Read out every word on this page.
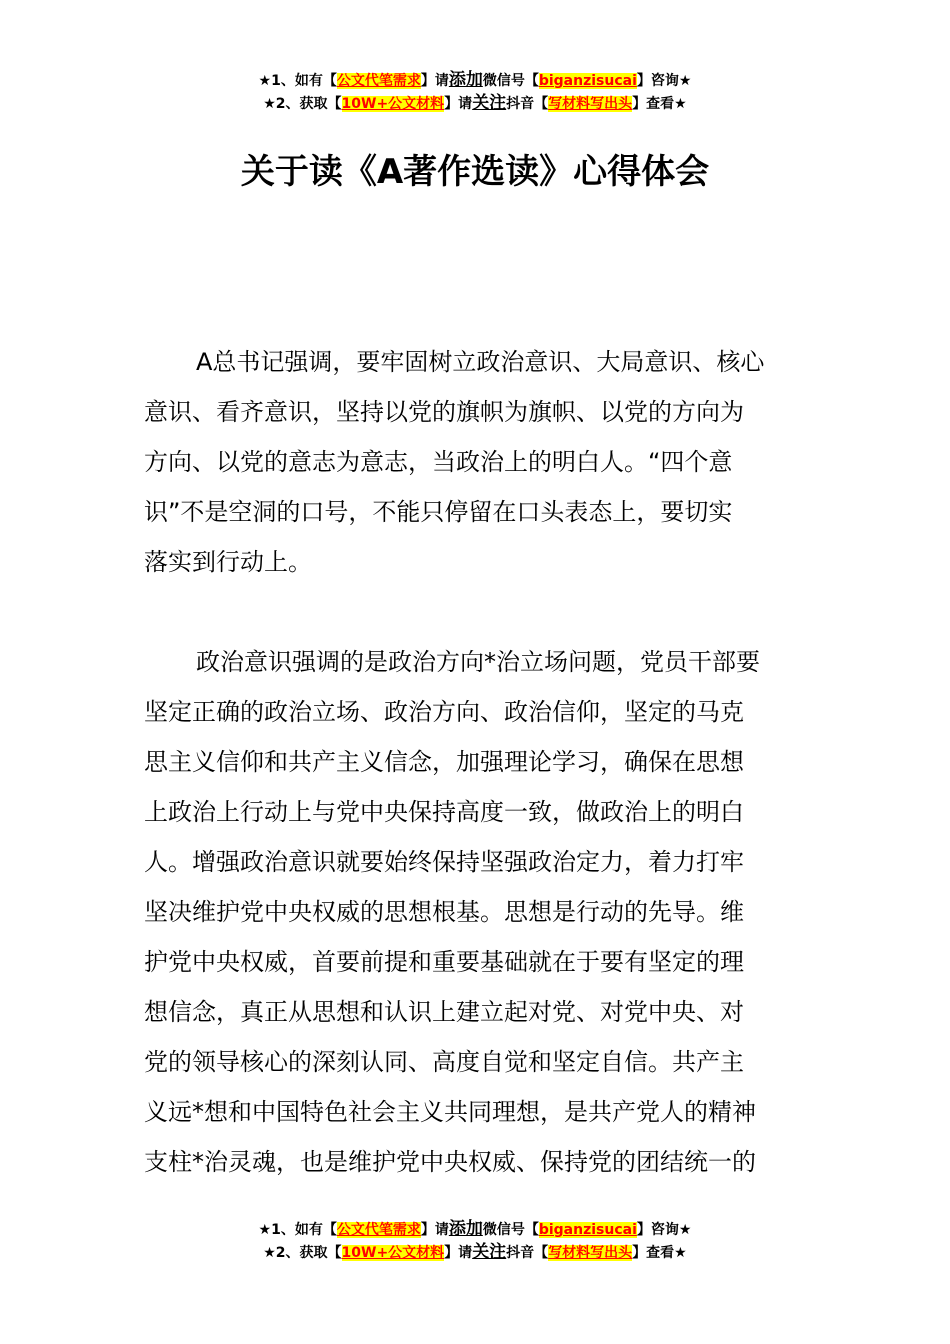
★1、如有【公文代笔需求】请添加微信号【biganzisucai】咨询★
★2、获取【10W+公文材料】请关注抖音【写材料写出头】查看★
关于读《A著作选读》心得体会
A总书记强调，要牢固树立政治意识、大局意识、核心
意识、看齐意识，坚持以党的旗帜为旗帜、以党的方向为
方向、以党的意志为意志，当政治上的明白人。“四个意
识”不是空洞的口号，不能只停留在口头表态上，要切实
落实到行动上。
政治意识强调的是政治方向*治立场问题，党员干部要
坚定正确的政治立场、政治方向、政治信仰，坚定的马克
思主义信仰和共产主义信念，加强理论学习，确保在思想
上政治上行动上与党中央保持高度一致，做政治上的明白
人。增强政治意识就要始终保持坚强政治定力，着力打牢
坚决维护党中央权威的思想根基。思想是行动的先导。维
护党中央权威，首要前提和重要基础就在于要有坚定的理
想信念，真正从思想和认识上建立起对党、对党中央、对
党的领导核心的深刻认同、高度自觉和坚定自信。共产主
义远*想和中国特色社会主义共同理想，是共产党人的精神
支柱*治灵魂，也是维护党中央权威、保持党的团结统一的
★1、如有【公文代笔需求】请添加微信号【biganzisucai】咨询★
★2、获取【10W+公文材料】请关注抖音【写材料写出头】查看★
